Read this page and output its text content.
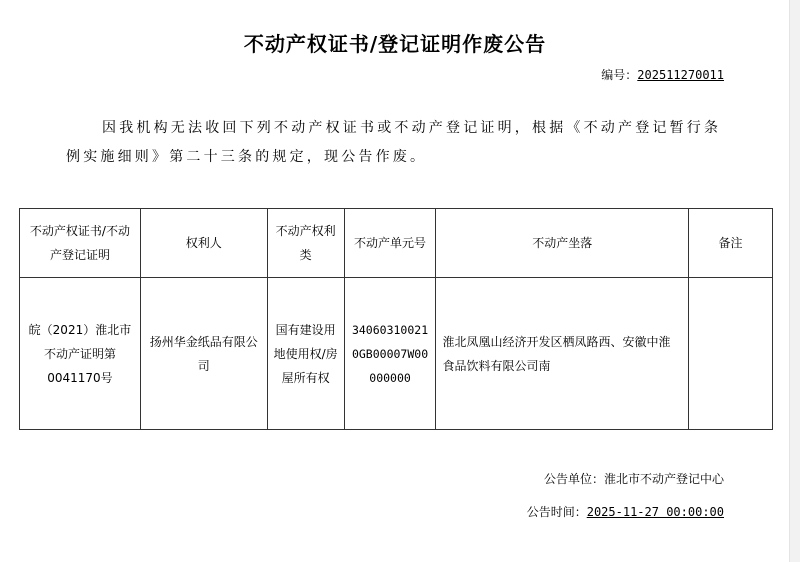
不动产权证书/登记证明作废公告
编号：202511270011
因我机构无法收回下列不动产权证书或不动产登记证明，根据《不动产登记暂行条例实施细则》第二十三条的规定，现公告作废。
不动产权证书/不动产登记证明	权利人	不动产权利类	不动产单元号	不动产坐落	备注
皖（2021）淮北市不动产证明第0041170号	扬州华金纸品有限公司	国有建设用地使用权/房屋所有权	340603100210GB00007W00000000	淮北凤凰山经济开发区栖凤路西、安徽中淮食品饮料有限公司南	
公告单位：淮北市不动产登记中心
公告时间：2025-11-27 00:00:00
